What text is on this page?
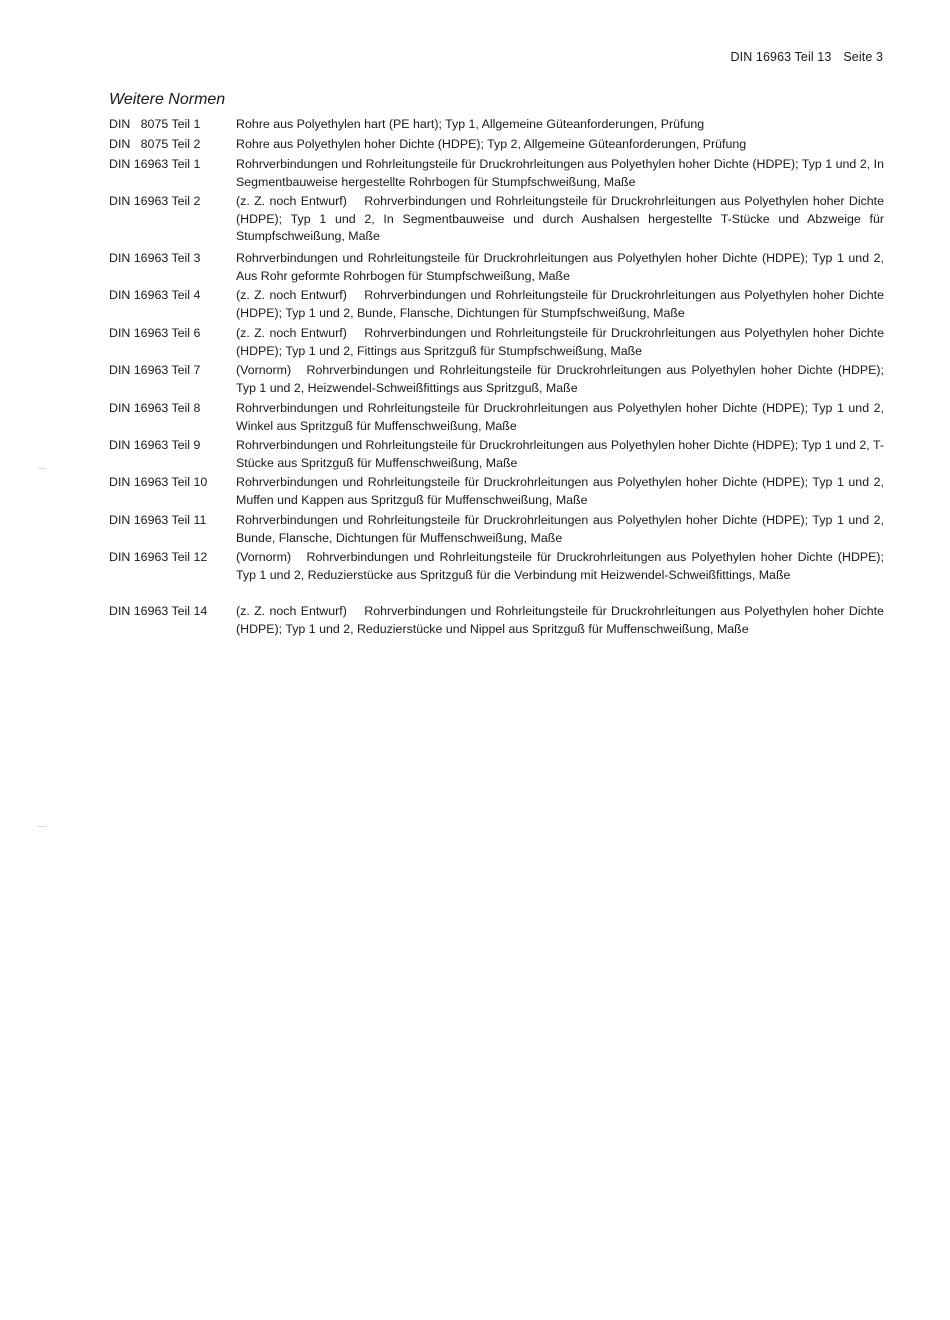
DIN 16963 Teil 13 Seite 3
Weitere Normen
DIN   8075 Teil 1	Rohre aus Polyethylen hart (PE hart); Typ 1, Allgemeine Güteanforderungen, Prüfung
DIN   8075 Teil 2	Rohre aus Polyethylen hoher Dichte (HDPE); Typ 2, Allgemeine Güteanforderungen, Prüfung
DIN 16963 Teil 1	Rohrverbindungen und Rohrleitungsteile für Druckrohrleitungen aus Polyethylen hoher Dichte (HDPE); Typ 1 und 2, In Segmentbauweise hergestellte Rohrbogen für Stumpfschweißung, Maße
DIN 16963 Teil 2	(z. Z. noch Entwurf)    Rohrverbindungen und Rohrleitungsteile für Druckrohrleitungen aus Polyethylen hoher Dichte (HDPE); Typ 1 und 2, In Segmentbauweise und durch Aushalsen hergestellte T-Stücke und Abzweige für Stumpfschweißung, Maße
DIN 16963 Teil 3	Rohrverbindungen und Rohrleitungsteile für Druckrohrleitungen aus Polyethylen hoher Dichte (HDPE); Typ 1 und 2, Aus Rohr geformte Rohrbogen für Stumpfschweißung, Maße
DIN 16963 Teil 4	(z. Z. noch Entwurf)    Rohrverbindungen und Rohrleitungsteile für Druckrohrleitungen aus Polyethylen hoher Dichte (HDPE); Typ 1 und 2, Bunde, Flansche, Dichtungen für Stumpfschweißung, Maße
DIN 16963 Teil 6	(z. Z. noch Entwurf)    Rohrverbindungen und Rohrleitungsteile für Druckrohrleitungen aus Polyethylen hoher Dichte (HDPE); Typ 1 und 2, Fittings aus Spritzguß für Stumpfschweißung, Maße
DIN 16963 Teil 7	(Vornorm)   Rohrverbindungen und Rohrleitungsteile für Druckrohrleitungen aus Polyethylen hoher Dichte (HDPE); Typ 1 und 2, Heizwendel-Schweißfittings aus Spritzguß, Maße
DIN 16963 Teil 8	Rohrverbindungen und Rohrleitungsteile für Druckrohrleitungen aus Polyethylen hoher Dichte (HDPE); Typ 1 und 2, Winkel aus Spritzguß für Muffenschweißung, Maße
DIN 16963 Teil 9	Rohrverbindungen und Rohrleitungsteile für Druckrohrleitungen aus Polyethylen hoher Dichte (HDPE); Typ 1 und 2, T-Stücke aus Spritzguß für Muffenschweißung, Maße
DIN 16963 Teil 10	Rohrverbindungen und Rohrleitungsteile für Druckrohrleitungen aus Polyethylen hoher Dichte (HDPE); Typ 1 und 2, Muffen und Kappen aus Spritzguß für Muffenschweißung, Maße
DIN 16963 Teil 11	Rohrverbindungen und Rohrleitungsteile für Druckrohrleitungen aus Polyethylen hoher Dichte (HDPE); Typ 1 und 2, Bunde, Flansche, Dichtungen für Muffenschweißung, Maße
DIN 16963 Teil 12	(Vornorm)   Rohrverbindungen und Rohrleitungsteile für Druckrohrleitungen aus Polyethylen hoher Dichte (HDPE); Typ 1 und 2, Reduzierstücke aus Spritzguß für die Verbindung mit Heizwendel-Schweißfittings, Maße
DIN 16963 Teil 14	(z. Z. noch Entwurf)    Rohrverbindungen und Rohrleitungsteile für Druckrohrleitungen aus Polyethylen hoher Dichte (HDPE); Typ 1 und 2, Reduzierstücke und Nippel aus Spritzguß für Muffenschweißung, Maße
